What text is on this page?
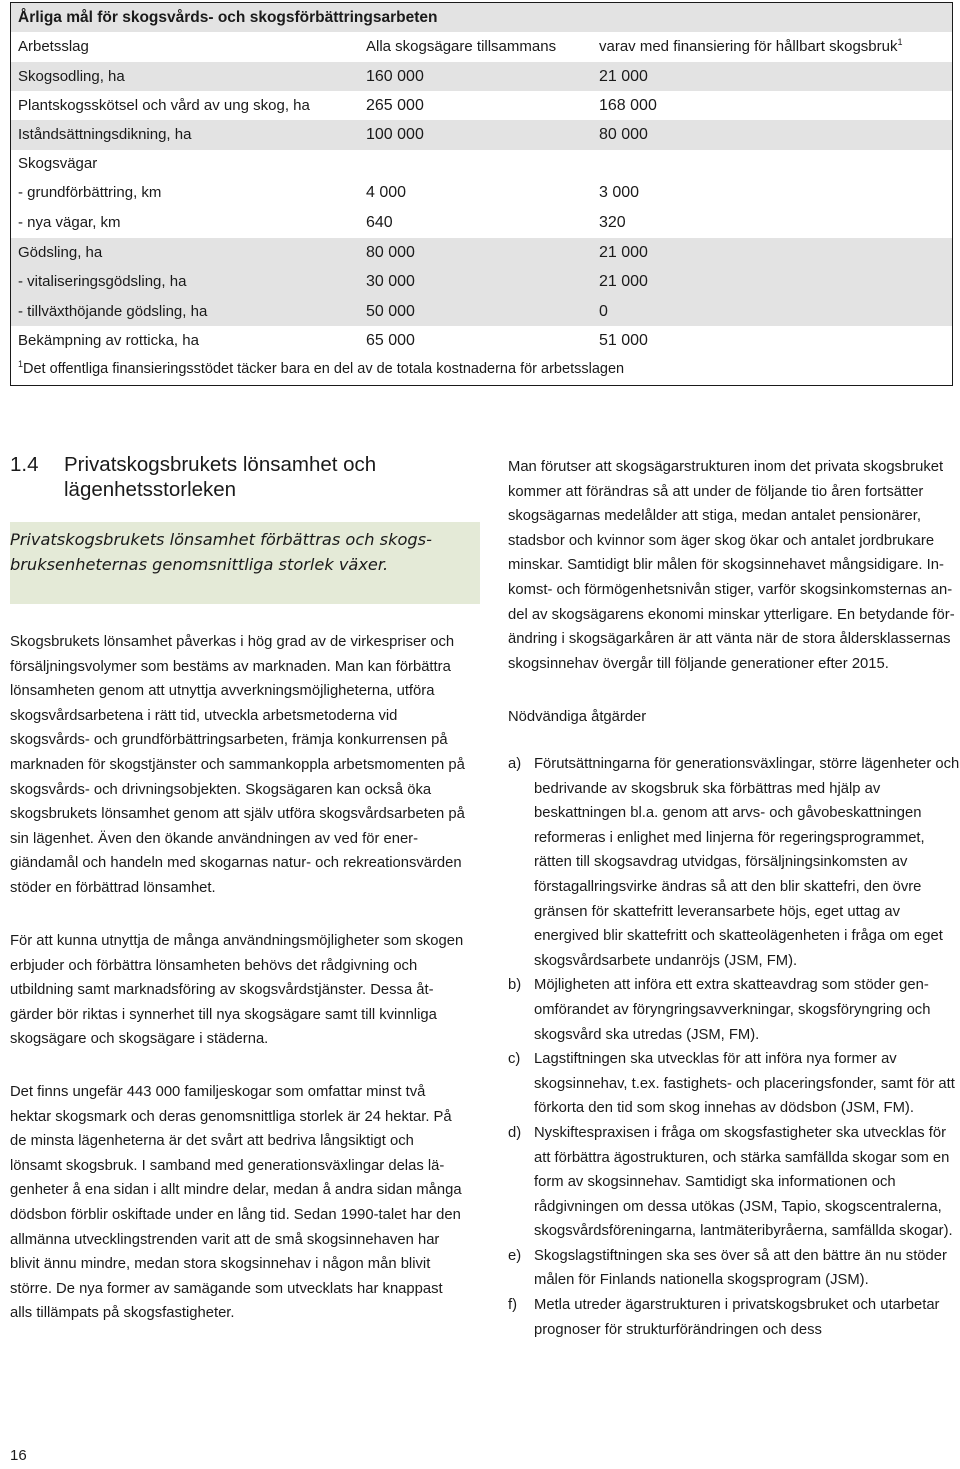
Årliga mål för skogsvårds- och skogsförbättringsarbeten
Arbetsslag	Alla skogsägare tillsammans	varav med finansiering för hållbart skogsbruk$^1$
Skogsodling, ha	160 000	21 000
Plantskogsskötsel och vård av ung skog, ha	265 000	168 000
Iståndsättningsdikning, ha	100 000	80 000
Skogsvägar
- grundförbättring, km	4 000	3 000
- nya vägar, km	640	320
Gödsling, ha	80 000	21 000
- vitaliseringsgödsling, ha	30 000	21 000
- tillväxthöjande gödsling, ha	50 000	0
Bekämpning av rotticka, ha	65 000	51 000
$^1$Det offentliga finansieringsstödet täcker bara en del av de totala kostnaderna för arbetsslagen
1.4 Privatskogsbrukets lönsamhet och lägenhetsstorleken
Privatskogsbrukets lönsamhet förbättras och skogsbruksenheternas genomsnittliga storlek växer.

Skogsbrukets lönsamhet påverkas i hög grad av de virkespriser och försäljningsvolymer som bestäms av marknaden. Man kan förbättra lönsamheten genom att utnyttja avverkningsmöjligheterna, utföra skogsvårdsarbetena i rätt tid, utveckla arbetsmetoderna vid skogsvårds- och grundförbättringsarbeten, främja konkurrensen på marknaden för skogstjänster och sammankoppla arbetsmomenten på skogsvårds- och drivningsobjekten. Skogsägaren kan också öka skogsbrukets lönsamhet genom att själv utföra skogsvårdsarbeten på sin lägenhet. Även den ökande användningen av ved för energiändamål och handeln med skogarnas natur- och rekreationsvärden stöder en förbättrad lönsamhet.

För att kunna utnyttja de många användningsmöjligheter som skogen erbjuder och förbättra lönsamheten behövs det rådgivning och utbildning samt marknadsföring av skogsvårdstjänster. Dessa åtgärder bör riktas i synnerhet till nya skogsägare samt till kvinnliga skogsägare och skogsägare i städerna.

Det finns ungefär 443 000 familjeskogar som omfattar minst två hektar skogsmark och deras genomsnittliga storlek är 24 hektar. På de minsta lägenheterna är det svårt att bedriva långsiktigt och lönsamt skogsbruk. I samband med generationsväxlingar delas lägenheter å ena sidan i allt mindre delar, medan å andra sidan många dödsbon förblir oskiftade under en lång tid. Sedan 1990-talet har den allmänna utvecklingstrenden varit att de små skogsinnehaven har blivit ännu mindre, medan stora skogsinnehav i någon mån blivit större. De nya former av samägande som utvecklats har knappast alls tillämpats på skogsfastigheter.

Man förutser att skogsägarstrukturen inom det privata skogsbruket kommer att förändras så att under de följande tio åren fortsätter skogsägarnas medelålder att stiga, medan antalet pensionärer, stadsbor och kvinnor som äger skog ökar och antalet jordbrukare minskar. Samtidigt blir målen för skogsinnehavet mångsidigare. Inkomst- och förmögenhetsnivån stiger, varför skogsinkomsternas andel av skogsägarens ekonomi minskar ytterligare. En betydande förändring i skogsägarkåren är att vänta när de stora åldersklassernas skogsinnehav övergår till följande generationer efter 2015.

Nödvändiga åtgärder

a) Förutsättningarna för generationsväxlingar, större lägenheter och bedrivande av skogsbruk ska förbättras med hjälp av beskattningen bl.a. genom att arvs- och gåvobeskattningen reformeras i enlighet med linjerna för regeringsprogrammet, rätten till skogsavdrag utvidgas, försäljningsinkomsten av förstagallringsvirke ändras så att den blir skattefri, den övre gränsen för skattefritt leveransarbete höjs, eget uttag av energived blir skattefritt och skatteolägenheten i fråga om eget skogsvårdsarbete undanröjs (JSM, FM).

b) Möjligheten att införa ett extra skatteavdrag som stöder genomförandet av föryngringsavverkningar, skogsföryngring och skogsvård ska utredas (JSM, FM).

c) Lagstiftningen ska utvecklas för att införa nya former av skogsinnehav, t.ex. fastighets- och placeringsfonder, samt för att förkorta den tid som skog innehas av dödsbon (JSM, FM).

d) Nyskiftespraxisen i fråga om skogsfastigheter ska utvecklas för att förbättra ägostrukturen, och stärka samfällda skogar som en form av skogsinnehav. Samtidigt ska informationen och rådgivningen om dessa utökas (JSM, Tapio, skogscentralerna, skogsvårdsföreningarna, lantmäteribyråerna, samfällda skogar).

e) Skogslagstiftningen ska ses över så att den bättre än nu stöder målen för Finlands nationella skogsprogram (JSM).

f) Metla utreder ägarstrukturen i privatskogsbruket och utarbetar prognoser för strukturförändringen och dess

16
